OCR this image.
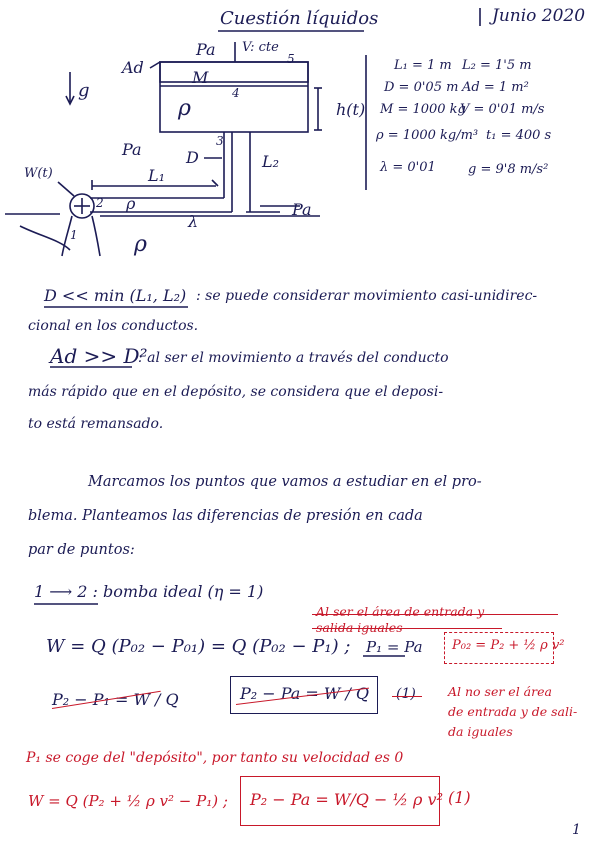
Cuestión líquidos	Junio 2020
Pa V: cte
5
Ad
M
4
ρ	h(t)
g
Pa	D
3
L₂
W(t)	L₁
2 ρ
λ
1	ρ
Pa
L₁ = 1 m L₂ = 1'5 m
D = 0'05 m Ad = 1 m²
M = 1000 kg
V = 0'01 m/s
ρ = 1000 kg/m³ t₁ = 400 s
λ = 0'01 g = 9'8 m/s²
D << min (L₁, L₂) : se puede considerar movimiento casi-unidirec-
cional en los conductos.
Ad >> D²
: al ser el movimiento a través del conducto
más rápido que en el depósito, se considera que el deposi-
to está remansado.
Marcamos los puntos que vamos a estudiar en el pro-
blema. Planteamos las diferencias de presión en cada
par de puntos:
1 ⟶ 2 : bomba ideal (η = 1)
Al ser el área de entrada y
salida iguales
W = Q (P₀₂ − P₀₁) = Q (P₀₂ − P₁) ; P₁ = Pa P₀₂ = P₂ + ½ ρ v²
P₂ − P₁ = W / Q	P₂ − Pa = W / Q (1)	Al no ser el área
de entrada y de sali-
da iguales
P₁ se coge del "depósito", por tanto su velocidad es 0
W = Q (P₂ + ½ ρ v² − P₁) ; P₂ − Pa = W/Q − ½ ρ v² (1)
1
